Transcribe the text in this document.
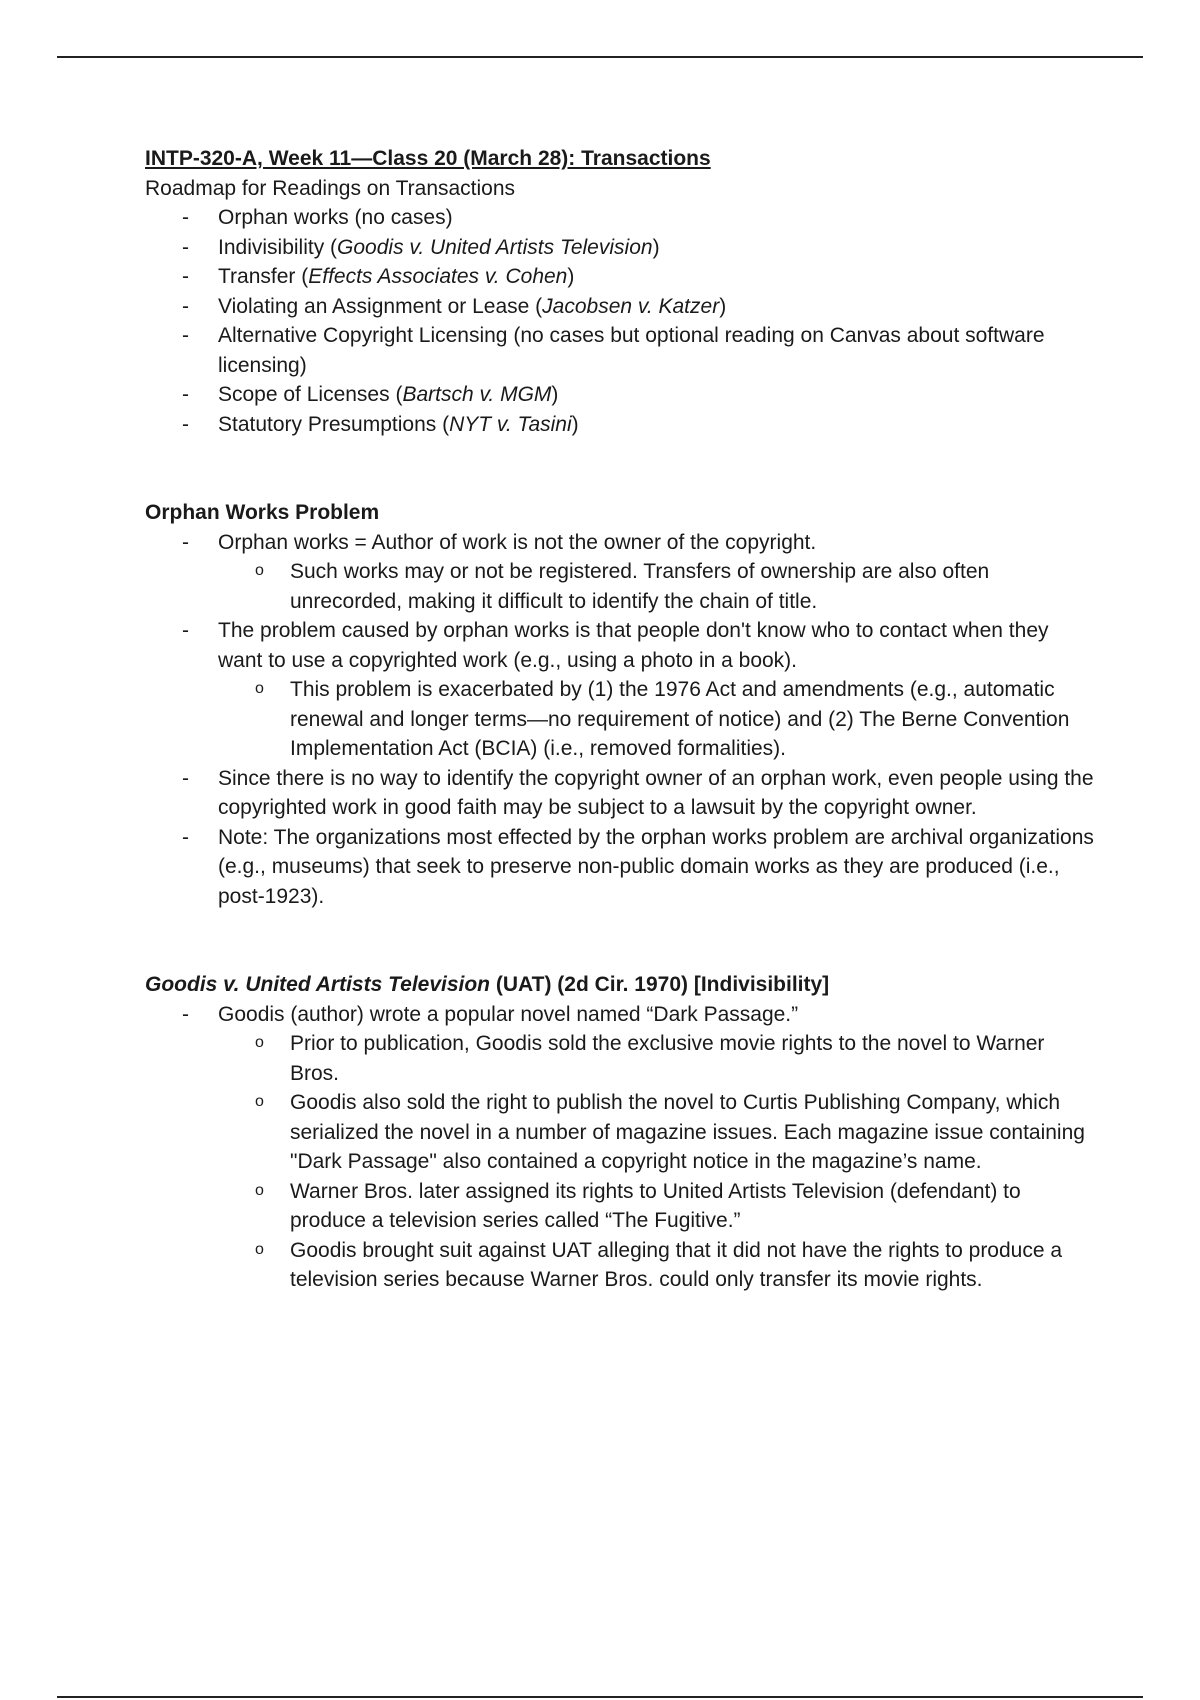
INTP-320-A, Week 11—Class 20 (March 28): Transactions
Roadmap for Readings on Transactions
- Orphan works (no cases)
- Indivisibility (Goodis v. United Artists Television)
- Transfer (Effects Associates v. Cohen)
- Violating an Assignment or Lease (Jacobsen v. Katzer)
- Alternative Copyright Licensing (no cases but optional reading on Canvas about software licensing)
- Scope of Licenses (Bartsch v. MGM)
- Statutory Presumptions (NYT v. Tasini)
Orphan Works Problem
- Orphan works = Author of work is not the owner of the copyright.
o Such works may or not be registered. Transfers of ownership are also often unrecorded, making it difficult to identify the chain of title.
- The problem caused by orphan works is that people don't know who to contact when they want to use a copyrighted work (e.g., using a photo in a book).
o This problem is exacerbated by (1) the 1976 Act and amendments (e.g., automatic renewal and longer terms—no requirement of notice) and (2) The Berne Convention Implementation Act (BCIA) (i.e., removed formalities).
- Since there is no way to identify the copyright owner of an orphan work, even people using the copyrighted work in good faith may be subject to a lawsuit by the copyright owner.
- Note: The organizations most effected by the orphan works problem are archival organizations (e.g., museums) that seek to preserve non-public domain works as they are produced (i.e., post-1923).
Goodis v. United Artists Television (UAT) (2d Cir. 1970) [Indivisibility]
- Goodis (author) wrote a popular novel named “Dark Passage.”
o Prior to publication, Goodis sold the exclusive movie rights to the novel to Warner Bros.
o Goodis also sold the right to publish the novel to Curtis Publishing Company, which serialized the novel in a number of magazine issues. Each magazine issue containing "Dark Passage" also contained a copyright notice in the magazine’s name.
o Warner Bros. later assigned its rights to United Artists Television (defendant) to produce a television series called “The Fugitive.”
o Goodis brought suit against UAT alleging that it did not have the rights to produce a television series because Warner Bros. could only transfer its movie rights.
